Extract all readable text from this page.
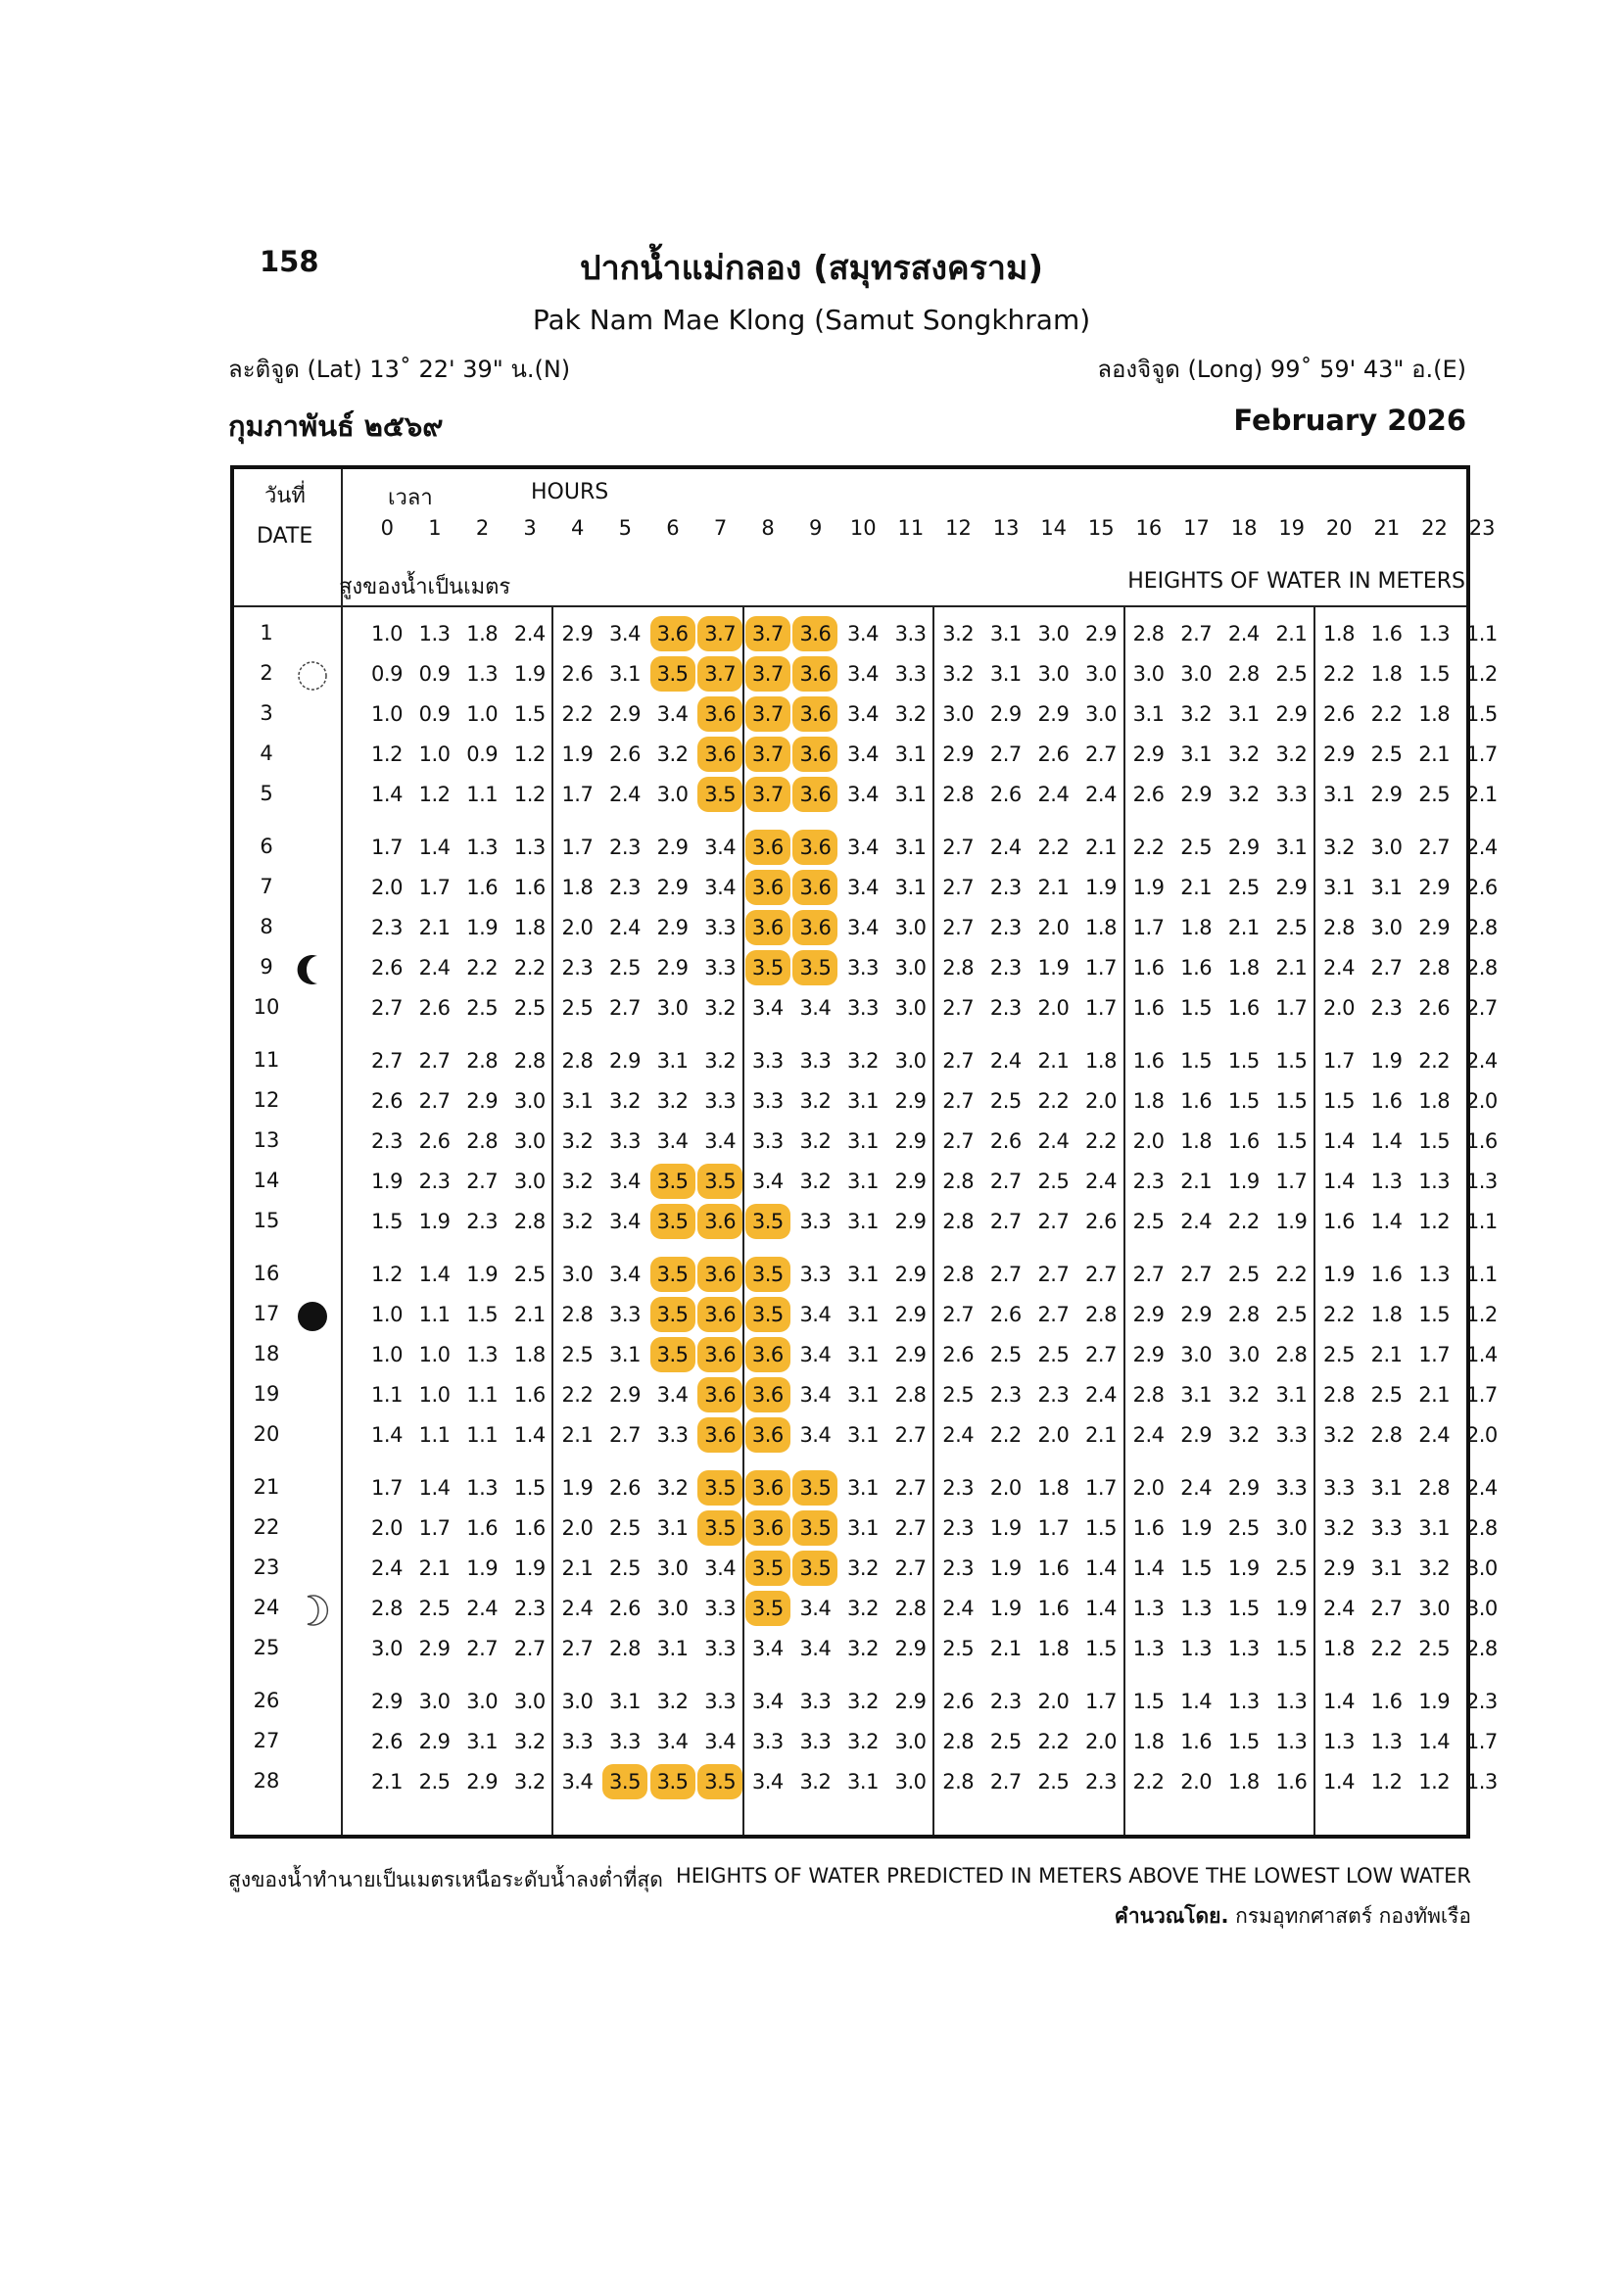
158	ปากน้ำแม่กลอง (สมุทรสงคราม)
Pak Nam Mae Klong (Samut Songkhram)
ละติจูด (Lat) 13˚ 22' 39" น.(N)	ลองจิจูด (Long) 99˚ 59' 43" อ.(E)
กุมภาพันธ์ ๒๕๖๙	February 2026
0	1	2	3	4	5	6	7	8	9	10	11	12	13	14	15	16	17	18	19	20	21	22	23
1	1.0 1.3 1.8 2.4 2.9 3.4 3.6 3.7 3.7 3.6 3.4 3.3 3.2 3.1 3.0 2.9 2.8 2.7 2.4 2.1 1.8 1.6 1.3 1.1
2	0.9 0.9 1.3 1.9 2.6 3.1 3.5 3.7 3.7 3.6 3.4 3.3 3.2 3.1 3.0 3.0 3.0 3.0 2.8 2.5 2.2 1.8 1.5 1.2
3	1.0 0.9 1.0 1.5 2.2 2.9 3.4 3.6 3.7 3.6 3.4 3.2 3.0 2.9 2.9 3.0 3.1 3.2 3.1 2.9 2.6 2.2 1.8 1.5
4	1.2 1.0 0.9 1.2 1.9 2.6 3.2 3.6 3.7 3.6 3.4 3.1 2.9 2.7 2.6 2.7 2.9 3.1 3.2 3.2 2.9 2.5 2.1 1.7
5	1.4 1.2 1.1 1.2 1.7 2.4 3.0 3.5 3.7 3.6 3.4 3.1 2.8 2.6 2.4 2.4 2.6 2.9 3.2 3.3 3.1 2.9 2.5 2.1
6	1.7 1.4 1.3 1.3 1.7 2.3 2.9 3.4 3.6 3.6 3.4 3.1 2.7 2.4 2.2 2.1 2.2 2.5 2.9 3.1 3.2 3.0 2.7 2.4
7	2.0 1.7 1.6 1.6 1.8 2.3 2.9 3.4 3.6 3.6 3.4 3.1 2.7 2.3 2.1 1.9 1.9 2.1 2.5 2.9 3.1 3.1 2.9 2.6
8	2.3 2.1 1.9 1.8 2.0 2.4 2.9 3.3 3.6 3.6 3.4 3.0 2.7 2.3 2.0 1.8 1.7 1.8 2.1 2.5 2.8 3.0 2.9 2.8
9	2.6 2.4 2.2 2.2 2.3 2.5 2.9 3.3 3.5 3.5 3.3 3.0 2.8 2.3 1.9 1.7 1.6 1.6 1.8 2.1 2.4 2.7 2.8 2.8
10	2.7 2.6 2.5 2.5 2.5 2.7 3.0 3.2 3.4 3.4 3.3 3.0 2.7 2.3 2.0 1.7 1.6 1.5 1.6 1.7 2.0 2.3 2.6 2.7
11	2.7 2.7 2.8 2.8 2.8 2.9 3.1 3.2 3.3 3.3 3.2 3.0 2.7 2.4 2.1 1.8 1.6 1.5 1.5 1.5 1.7 1.9 2.2 2.4
12	2.6 2.7 2.9 3.0 3.1 3.2 3.2 3.3 3.3 3.2 3.1 2.9 2.7 2.5 2.2 2.0 1.8 1.6 1.5 1.5 1.5 1.6 1.8 2.0
13	2.3 2.6 2.8 3.0 3.2 3.3 3.4 3.4 3.3 3.2 3.1 2.9 2.7 2.6 2.4 2.2 2.0 1.8 1.6 1.5 1.4 1.4 1.5 1.6
14	1.9 2.3 2.7 3.0 3.2 3.4 3.5 3.5 3.4 3.2 3.1 2.9 2.8 2.7 2.5 2.4 2.3 2.1 1.9 1.7 1.4 1.3 1.3 1.3
15	1.5 1.9 2.3 2.8 3.2 3.4 3.5 3.6 3.5 3.3 3.1 2.9 2.8 2.7 2.7 2.6 2.5 2.4 2.2 1.9 1.6 1.4 1.2 1.1
16	1.2 1.4 1.9 2.5 3.0 3.4 3.5 3.6 3.5 3.3 3.1 2.9 2.8 2.7 2.7 2.7 2.7 2.7 2.5 2.2 1.9 1.6 1.3 1.1
17	1.0 1.1 1.5 2.1 2.8 3.3 3.5 3.6 3.5 3.4 3.1 2.9 2.7 2.6 2.7 2.8 2.9 2.9 2.8 2.5 2.2 1.8 1.5 1.2
18	1.0 1.0 1.3 1.8 2.5 3.1 3.5 3.6 3.6 3.4 3.1 2.9 2.6 2.5 2.5 2.7 2.9 3.0 3.0 2.8 2.5 2.1 1.7 1.4
19	1.1 1.0 1.1 1.6 2.2 2.9 3.4 3.6 3.6 3.4 3.1 2.8 2.5 2.3 2.3 2.4 2.8 3.1 3.2 3.1 2.8 2.5 2.1 1.7
20	1.4 1.1 1.1 1.4 2.1 2.7 3.3 3.6 3.6 3.4 3.1 2.7 2.4 2.2 2.0 2.1 2.4 2.9 3.2 3.3 3.2 2.8 2.4 2.0
21	1.7 1.4 1.3 1.5 1.9 2.6 3.2 3.5 3.6 3.5 3.1 2.7 2.3 2.0 1.8 1.7 2.0 2.4 2.9 3.3 3.3 3.1 2.8 2.4
22	2.0 1.7 1.6 1.6 2.0 2.5 3.1 3.5 3.6 3.5 3.1 2.7 2.3 1.9 1.7 1.5 1.6 1.9 2.5 3.0 3.2 3.3 3.1 2.8
23	2.4 2.1 1.9 1.9 2.1 2.5 3.0 3.4 3.5 3.5 3.2 2.7 2.3 1.9 1.6 1.4 1.4 1.5 1.9 2.5 2.9 3.1 3.2 3.0
24	2.8 2.5 2.4 2.3 2.4 2.6 3.0 3.3 3.5 3.4 3.2 2.8 2.4 1.9 1.6 1.4 1.3 1.3 1.5 1.9 2.4 2.7 3.0 3.0
25	3.0 2.9 2.7 2.7 2.7 2.8 3.1 3.3 3.4 3.4 3.2 2.9 2.5 2.1 1.8 1.5 1.3 1.3 1.3 1.5 1.8 2.2 2.5 2.8
26	2.9 3.0 3.0 3.0 3.0 3.1 3.2 3.3 3.4 3.3 3.2 2.9 2.6 2.3 2.0 1.7 1.5 1.4 1.3 1.3 1.4 1.6 1.9 2.3
27	2.6 2.9 3.1 3.2 3.3 3.3 3.4 3.4 3.3 3.3 3.2 3.0 2.8 2.5 2.2 2.0 1.8 1.6 1.5 1.3 1.3 1.3 1.4 1.7
28	2.1 2.5 2.9 3.2 3.4 3.5 3.5 3.5 3.4 3.2 3.1 3.0 2.8 2.7 2.5 2.3 2.2 2.0 1.8 1.6 1.4 1.2 1.2 1.3
วันที่
DATE
เวลา	HOURS
สูงของน้ำเป็นเมตร	HEIGHTS OF WATER IN METERS
สูงของน้ำทำนายเป็นเมตรเหนือระดับน้ำลงต่ำที่สุด HEIGHTS OF WATER PREDICTED IN METERS ABOVE THE LOWEST LOW WATER
คำนวณโดย. กรมอุทกศาสตร์ กองทัพเรือ
